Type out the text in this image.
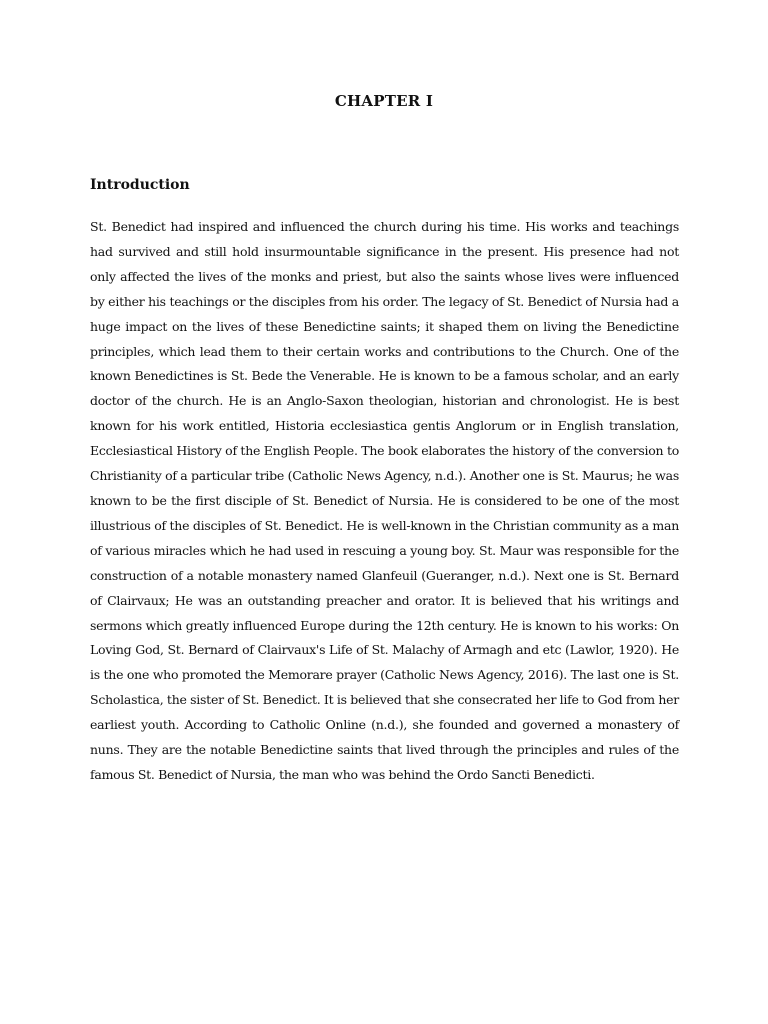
CHAPTER I
Introduction

St. Benedict had inspired and influenced the church during his time. His works and teachings had survived and still hold insurmountable significance in the present. His presence had not only affected the lives of the monks and priest, but also the saints whose lives were influenced by either his teachings or the disciples from his order. The legacy of St. Benedict of Nursia had a huge impact on the lives of these Benedictine saints; it shaped them on living the Benedictine principles, which lead them to their certain works and contributions to the Church. One of the known Benedictines is St. Bede the Venerable. He is known to be a famous scholar, and an early doctor of the church. He is an Anglo-Saxon theologian, historian and chronologist. He is best known for his work entitled, Historia ecclesiastica gentis Anglorum or in English translation, Ecclesiastical History of the English People. The book elaborates the history of the conversion to Christianity of a particular tribe (Catholic News Agency, n.d.). Another one is St. Maurus; he was known to be the first disciple of St. Benedict of Nursia. He is considered to be one of the most illustrious of the disciples of St. Benedict. He is well-known in the Christian community as a man of various miracles which he had used in rescuing a young boy. St. Maur was responsible for the construction of a notable monastery named Glanfeuil (Gueranger, n.d.). Next one is St. Bernard of Clairvaux; He was an outstanding preacher and orator. It is believed that his writings and sermons which greatly influenced Europe during the 12th century. He is known to his works: On Loving God, St. Bernard of Clairvaux's Life of St. Malachy of Armagh and etc (Lawlor, 1920). He is the one who promoted the Memorare prayer (Catholic News Agency, 2016). The last one is St. Scholastica, the sister of St. Benedict. It is believed that she consecrated her life to God from her earliest youth. According to Catholic Online (n.d.), she founded and governed a monastery of nuns. They are the notable Benedictine saints that lived through the principles and rules of the famous St. Benedict of Nursia, the man who was behind the Ordo Sancti Benedicti.
